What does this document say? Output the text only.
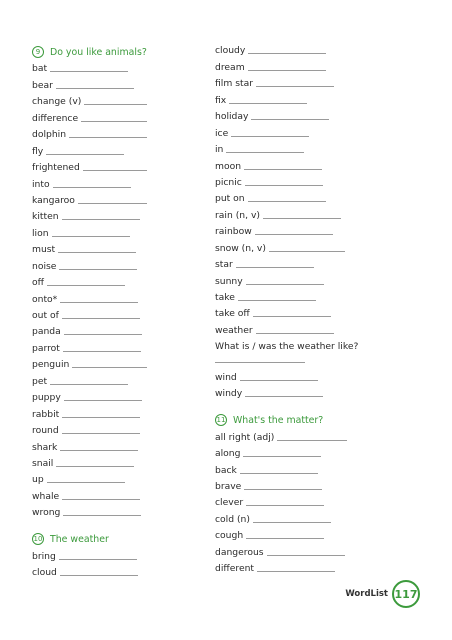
9	Do you like animals?
bat
bear
change (v)
difference
dolphin
fly
frightened
into
kangaroo
kitten
lion
must
noise
off
onto*
out of
panda
parrot
penguin
pet
puppy
rabbit
round
shark
snail
up
whale
wrong
10 The weather
bring
cloud
cloudy
dream
film star
fix
holiday
ice
in
moon
picnic
put on
rain (n, v)
rainbow
snow (n, v)
star
sunny
take
take off
weather
What is / was the weather like?
wind
windy
11 What's the matter?
all right (adj)
along
back
brave
clever
cold (n)
cough
dangerous
different
WordList 117
